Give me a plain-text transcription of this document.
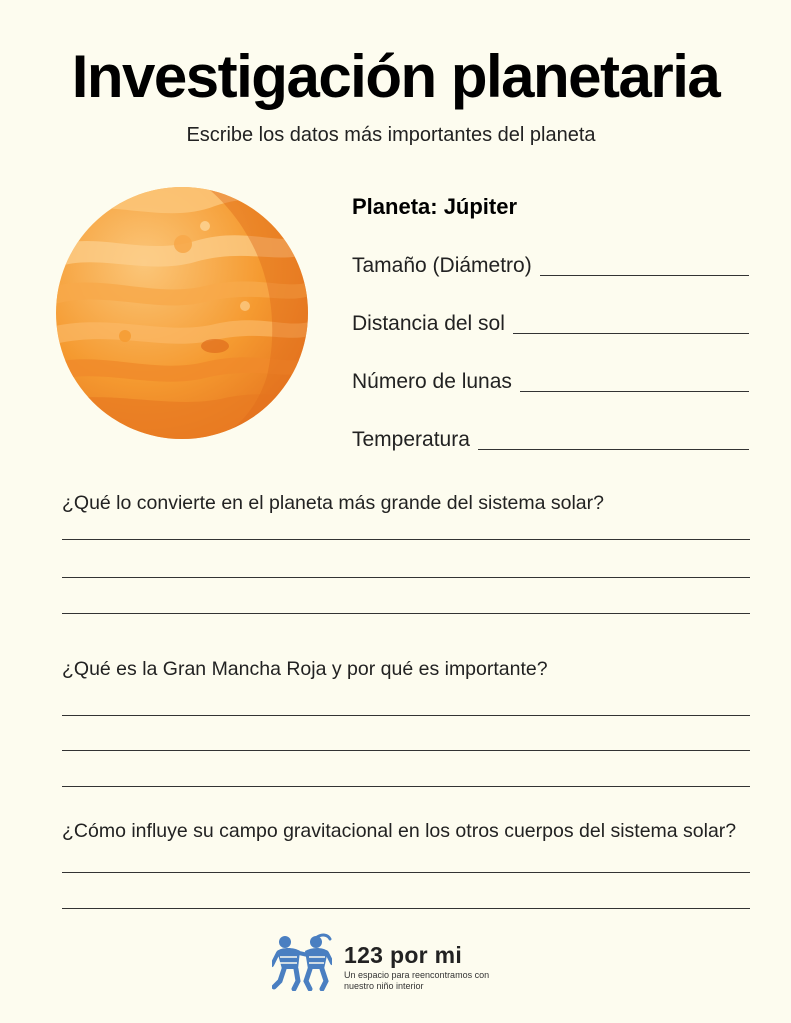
Investigación planetaria
Escribe los datos más importantes del planeta
Planeta: Júpiter
Tamaño (Diámetro)
Distancia del sol
Número de lunas
Temperatura
¿Qué lo convierte en el planeta más grande del sistema solar?
¿Qué es la Gran Mancha Roja y por qué es importante?
¿Cómo influye su campo gravitacional en los otros cuerpos del sistema solar?
123 por mi
Un espacio para reencontramos con nuestro niño interior
